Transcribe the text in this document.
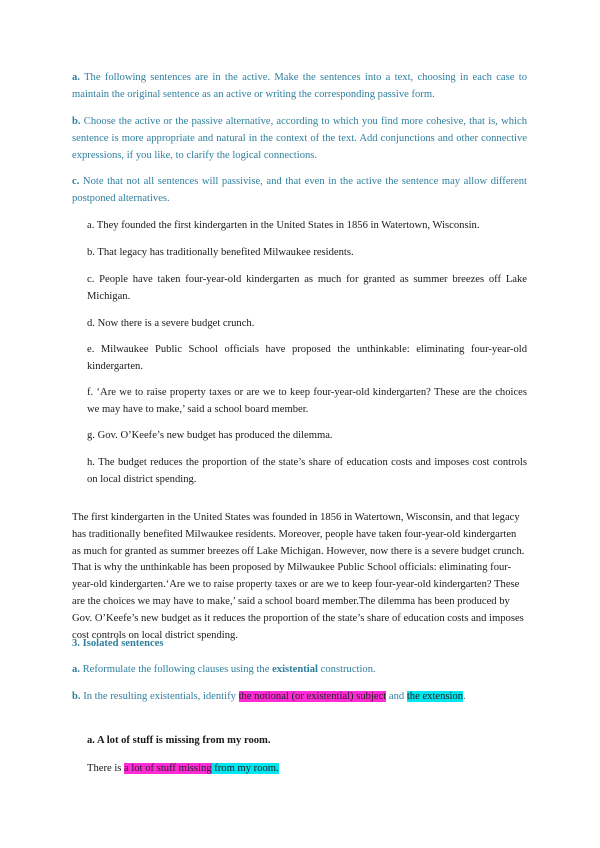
a. The following sentences are in the active. Make the sentences into a text, choosing in each case to maintain the original sentence as an active or writing the corresponding passive form.

b. Choose the active or the passive alternative, according to which you find more cohesive, that is, which sentence is more appropriate and natural in the context of the text. Add conjunctions and other connective expressions, if you like, to clarify the logical connections.

c. Note that not all sentences will passivise, and that even in the active the sentence may allow different postponed alternatives.

a. They founded the first kindergarten in the United States in 1856 in Watertown, Wisconsin.

b. That legacy has traditionally benefited Milwaukee residents.

c. People have taken four-year-old kindergarten as much for granted as summer breezes off Lake Michigan.

d. Now there is a severe budget crunch.

e. Milwaukee Public School officials have proposed the unthinkable: eliminating four-year-old kindergarten.

f. ‘Are we to raise property taxes or are we to keep four-year-old kindergarten? These are the choices we may have to make,’ said a school board member.

g. Gov. O’Keefe’s new budget has produced the dilemma.

h. The budget reduces the proportion of the state’s share of education costs and imposes cost controls on local district spending.

The first kindergarten in the United States was founded in 1856 in Watertown, Wisconsin, and that legacy has traditionally benefited Milwaukee residents. Moreover, people have taken four-year-old kindergarten as much for granted as summer breezes off Lake Michigan. However, now there is a severe budget crunch. That is why the unthinkable has been proposed by Milwaukee Public School officials: eliminating four-year-old kindergarten.‘Are we to raise property taxes or are we to keep four-year-old kindergarten? These are the choices we may have to make,’ said a school board member.The dilemma has been produced by Gov. O’Keefe’s new budget as it reduces the proportion of the state’s share of education costs and imposes cost controls on local district spending.

3. Isolated sentences

a. Reformulate the following clauses using the existential construction.

b. In the resulting existentials, identify the notional (or existential) subject and the extension.

a. A lot of stuff is missing from my room.

There is a lot of stuff missing from my room.
